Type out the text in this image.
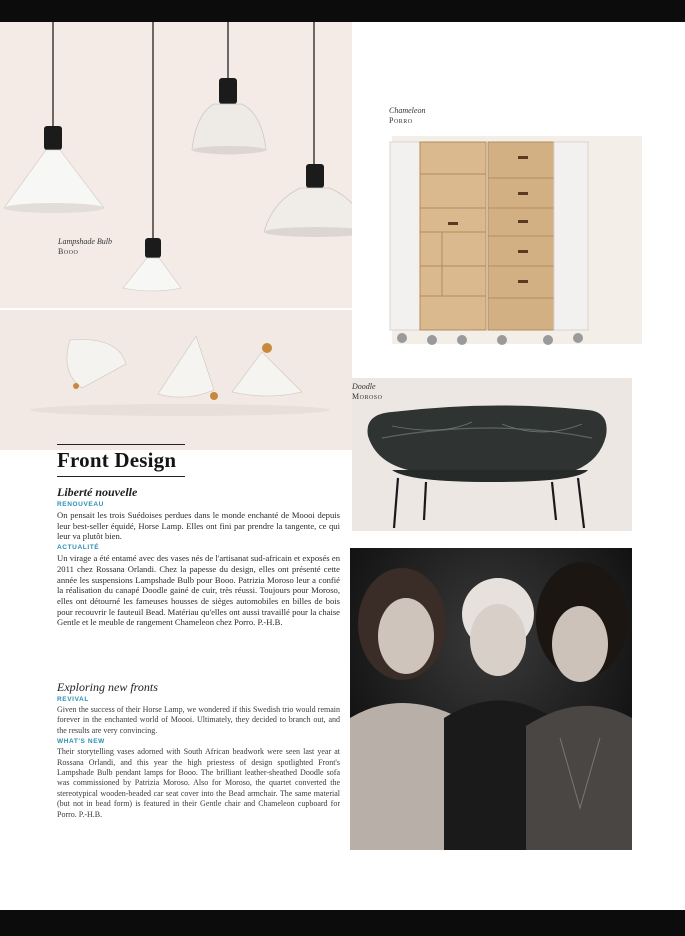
Lampshade Bulb
Booo
Chameleon
Porro
Doodle
Moroso
Front Design

Liberté nouvelle

RENOUVEAU

On pensait les trois Suédoises perdues dans le monde enchanté de Moooi depuis leur best-seller équidé, Horse Lamp. Elles ont fini par prendre la tangente, ce qui leur va plutôt bien.

ACTUALITÉ

Un virage a été entamé avec des vases nés de l'artisanat sud-africain et exposés en 2011 chez Rossana Orlandi. Chez la papesse du design, elles ont présenté cette année les suspensions Lampshade Bulb pour Booo. Patrizia Moroso leur a confié la réalisation du canapé Doodle gainé de cuir, très réussi. Toujours pour Moroso, elles ont détourné les fameuses housses de sièges automobiles en billes de bois pour recouvrir le fauteuil Bead. Matériau qu'elles ont aussi travaillé pour la chaise Gentle et le meuble de rangement Chameleon chez Porro. P.-H.B.

Exploring new fronts

REVIVAL

Given the success of their Horse Lamp, we wondered if this Swedish trio would remain forever in the enchanted world of Moooi. Ultimately, they decided to branch out, and the results are very convincing.

WHAT'S NEW

Their storytelling vases adorned with South African beadwork were seen last year at Rossana Orlandi, and this year the high priestess of design spotlighted Front's Lampshade Bulb pendant lamps for Booo. The brilliant leather-sheathed Doodle sofa was commissioned by Patrizia Moroso. Also for Moroso, the quartet converted the stereotypical wooden-beaded car seat cover into the Bead armchair. The same material (but not in bead form) is featured in their Gentle chair and Chameleon cupboard for Porro. P.-H.B.
